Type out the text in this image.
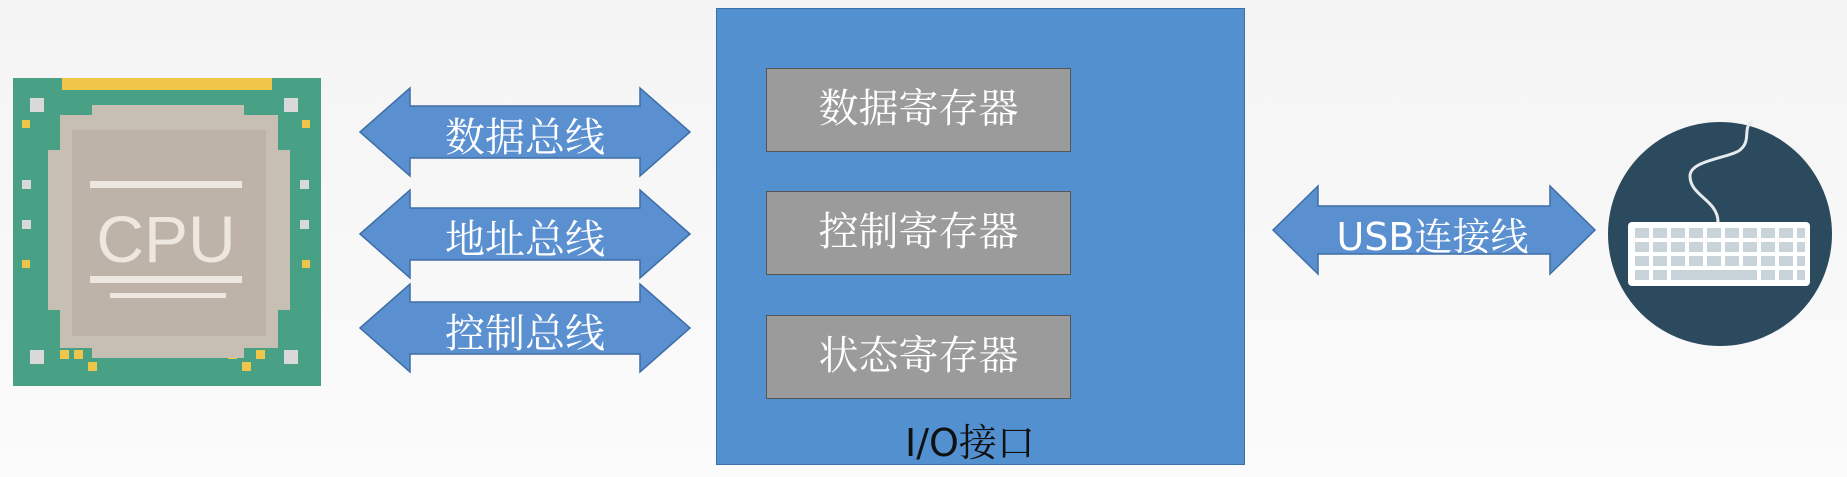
CPU
数据总线
地址总线
控制总线
数据寄存器
控制寄存器
状态寄存器
I/O接口
USB连接线
